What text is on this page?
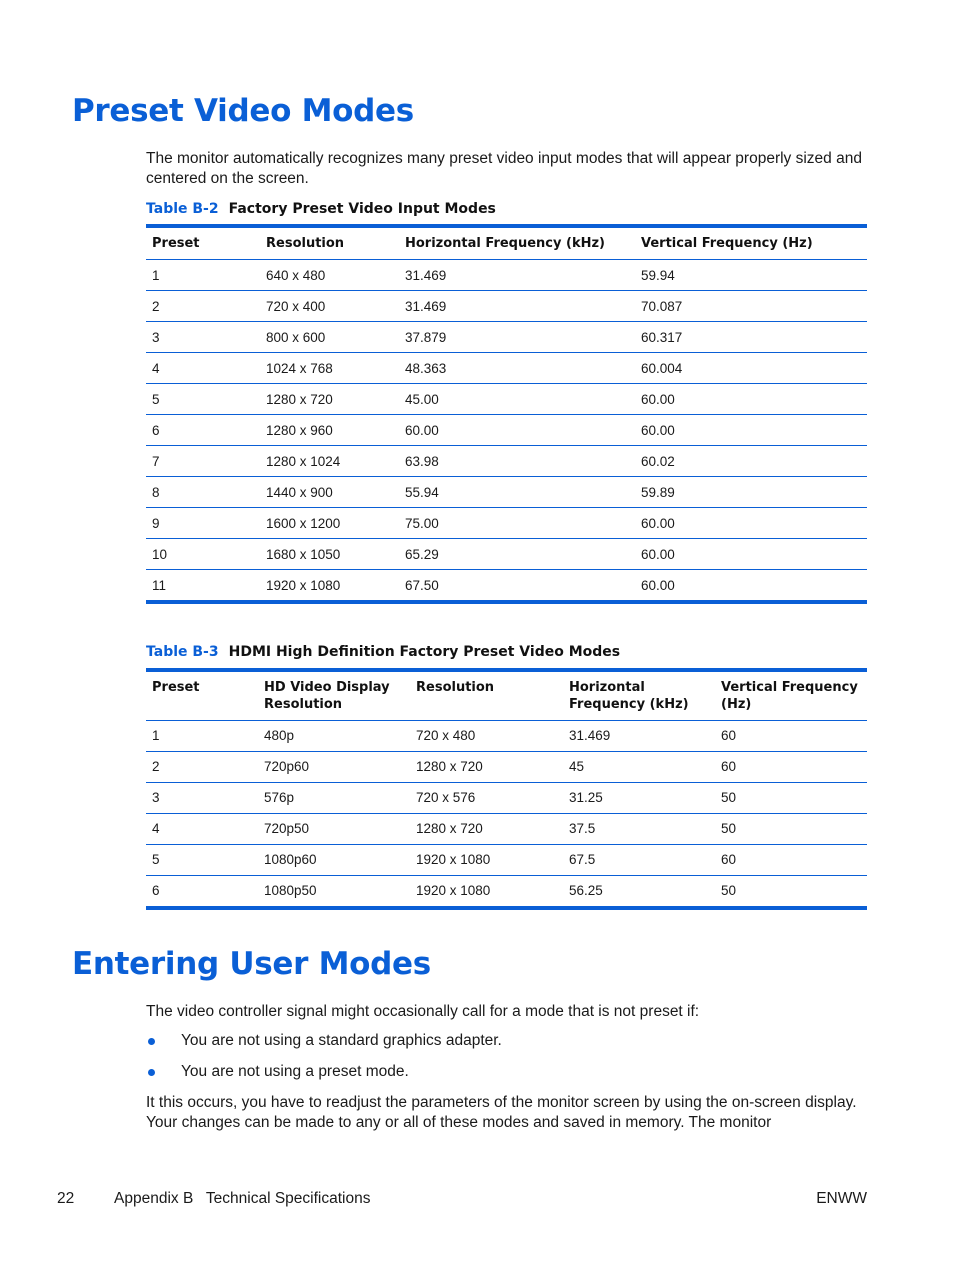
Preset Video Modes

The monitor automatically recognizes many preset video input modes that will appear properly sized and centered on the screen.

Table B-2 Factory Preset Video Input Modes

Preset	Resolution	Horizontal Frequency (kHz)	Vertical Frequency (Hz)
1	640 x 480	31.469	59.94
2	720 x 400	31.469	70.087
3	800 x 600	37.879	60.317
4	1024 x 768	48.363	60.004
5	1280 x 720	45.00	60.00
6	1280 x 960	60.00	60.00
7	1280 x 1024	63.98	60.02
8	1440 x 900	55.94	59.89
9	1600 x 1200	75.00	60.00
10	1680 x 1050	65.29	60.00
11	1920 x 1080	67.50	60.00

Table B-3 HDMI High Definition Factory Preset Video Modes

Preset	HD Video Display Resolution	Resolution	Horizontal Frequency (kHz)	Vertical Frequency (Hz)
1	480p	720 x 480	31.469	60
2	720p60	1280 x 720	45	60
3	576p	720 x 576	31.25	50
4	720p50	1280 x 720	37.5	50
5	1080p60	1920 x 1080	67.5	60
6	1080p50	1920 x 1080	56.25	50
Entering User Modes

The video controller signal might occasionally call for a mode that is not preset if:

You are not using a standard graphics adapter.
You are not using a preset mode.

It this occurs, you have to readjust the parameters of the monitor screen by using the on-screen display. Your changes can be made to any or all of these modes and saved in memory. The monitor

22	Appendix B   Technical Specifications	ENWW
